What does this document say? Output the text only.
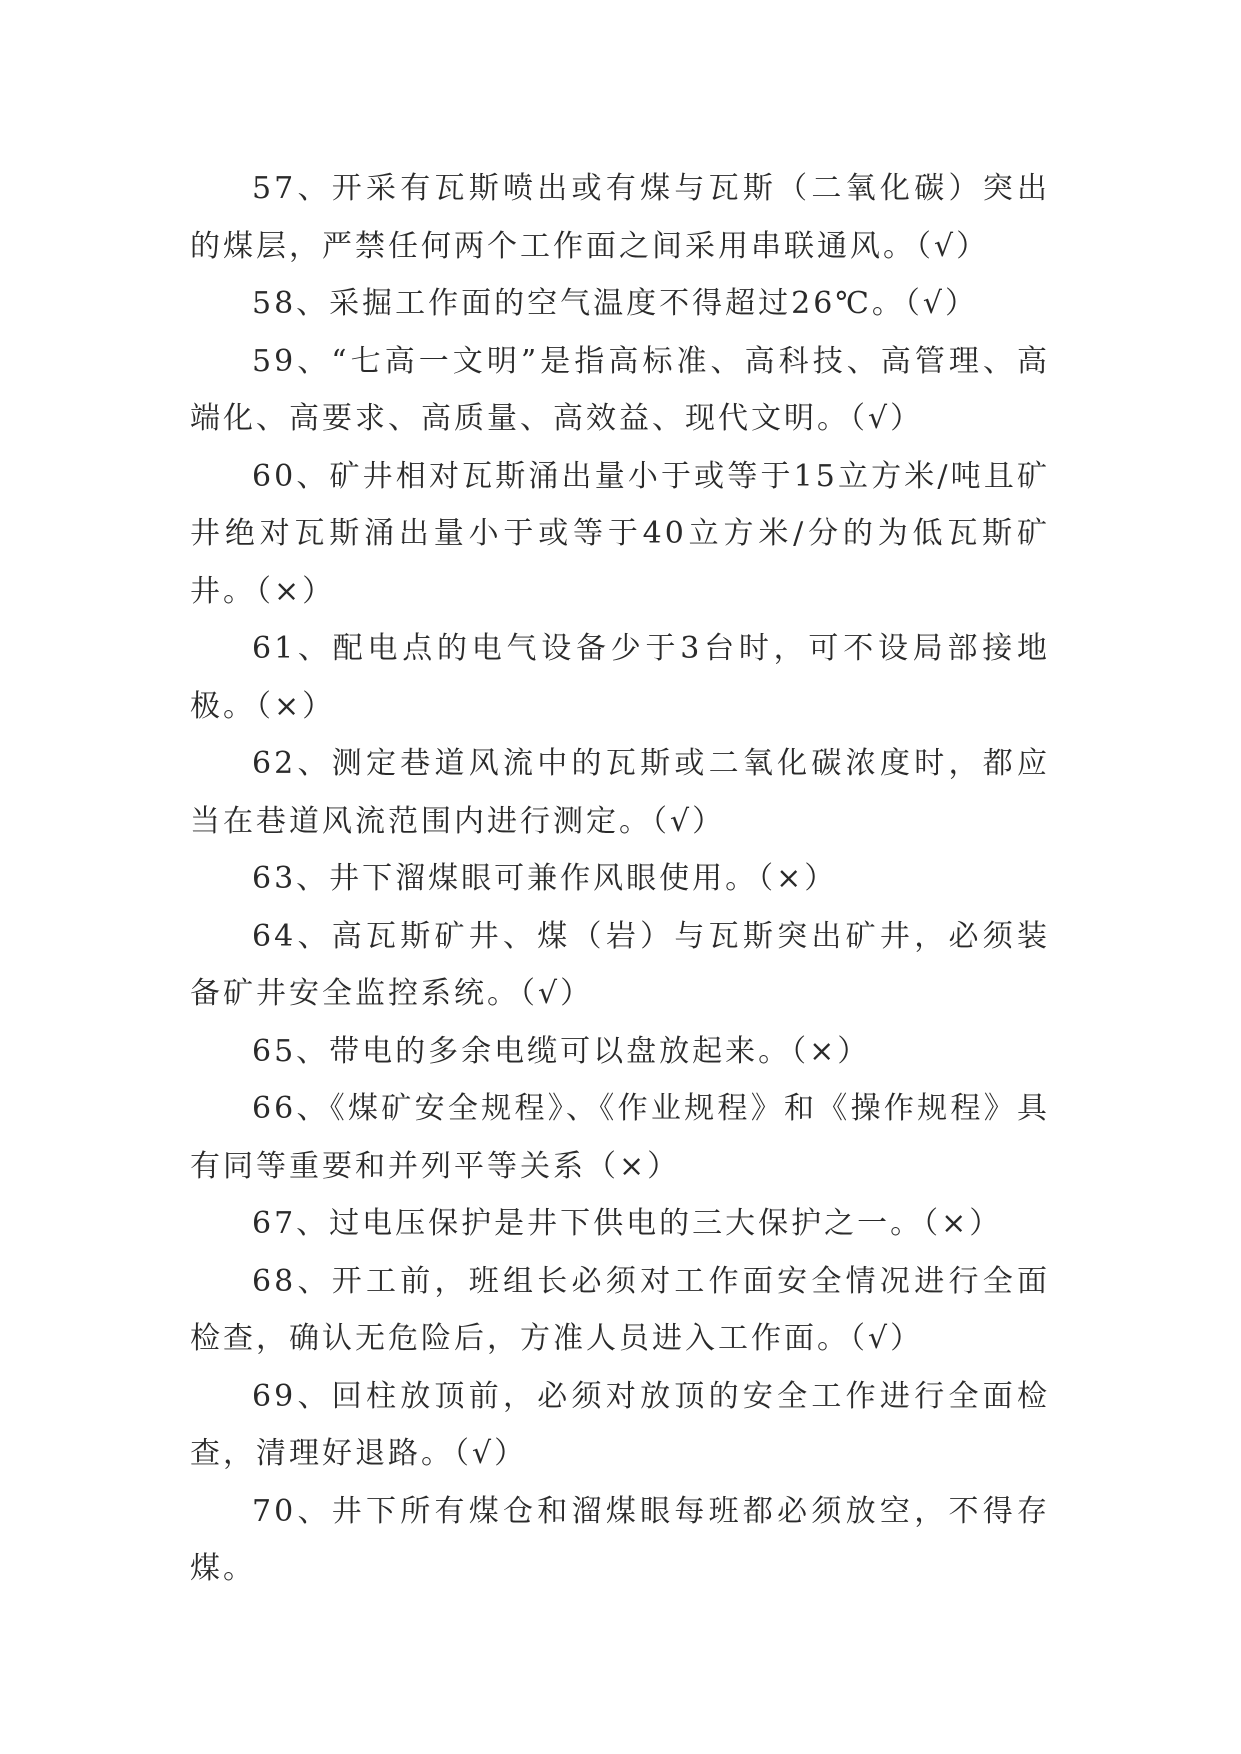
57、开采有瓦斯喷出或有煤与瓦斯（二氧化碳）突出的煤层，严禁任何两个工作面之间采用串联通风。（√）

58、采掘工作面的空气温度不得超过26℃。（√）

59、“七高一文明”是指高标准、高科技、高管理、高端化、高要求、高质量、高效益、现代文明。（√）

60、矿井相对瓦斯涌出量小于或等于15立方米/吨且矿井绝对瓦斯涌出量小于或等于40立方米/分的为低瓦斯矿井。（×）

61、配电点的电气设备少于3台时，可不设局部接地极。（×）

62、测定巷道风流中的瓦斯或二氧化碳浓度时，都应当在巷道风流范围内进行测定。（√）

63、井下溜煤眼可兼作风眼使用。（×）

64、高瓦斯矿井、煤（岩）与瓦斯突出矿井，必须装备矿井安全监控系统。（√）

65、带电的多余电缆可以盘放起来。（×）

66、《煤矿安全规程》、《作业规程》和《操作规程》具有同等重要和并列平等关系（×）

67、过电压保护是井下供电的三大保护之一。（×）

68、开工前，班组长必须对工作面安全情况进行全面检查，确认无危险后，方准人员进入工作面。（√）

69、回柱放顶前，必须对放顶的安全工作进行全面检查，清理好退路。（√）

70、井下所有煤仓和溜煤眼每班都必须放空，不得存煤。
